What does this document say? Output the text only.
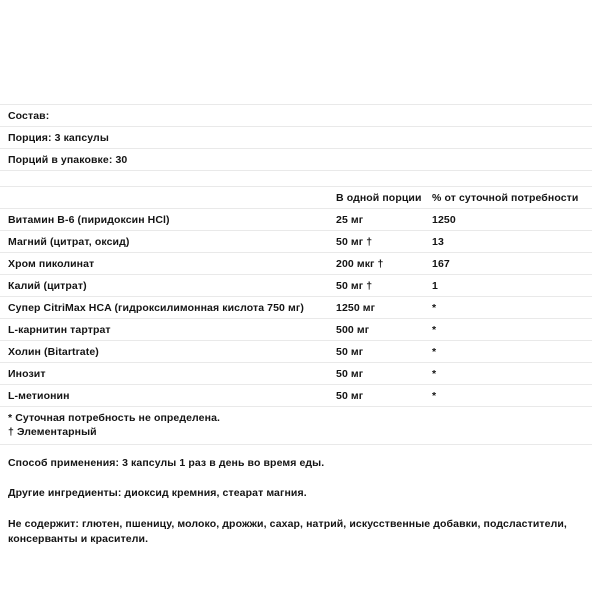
Состав:
Порция: 3 капсулы
Порций в упаковке: 30
	В одной порции	% от суточной потребности
Витамин B-6 (пиридоксин HCl)	25 мг	1250
Магний (цитрат, оксид)	50 мг †	13
Хром пиколинат	200 мкг †	167
Калий (цитрат)	50 мг †	1
Супер CitriMax HCA (гидроксилимонная кислота 750 мг)	1250 мг	*
L-карнитин тартрат	500 мг	*
Холин (Bitartrate)	50 мг	*
Инозит	50 мг	*
L-метионин	50 мг	*
* Суточная потребность не определена.
† Элементарный
Способ применения: 3 капсулы 1 раз в день во время еды.
Другие ингредиенты: диоксид кремния, стеарат магния.
Не содержит: глютен, пшеницу, молоко, дрожжи, сахар, натрий, искусственные добавки, подсластители, консерванты и красители.
